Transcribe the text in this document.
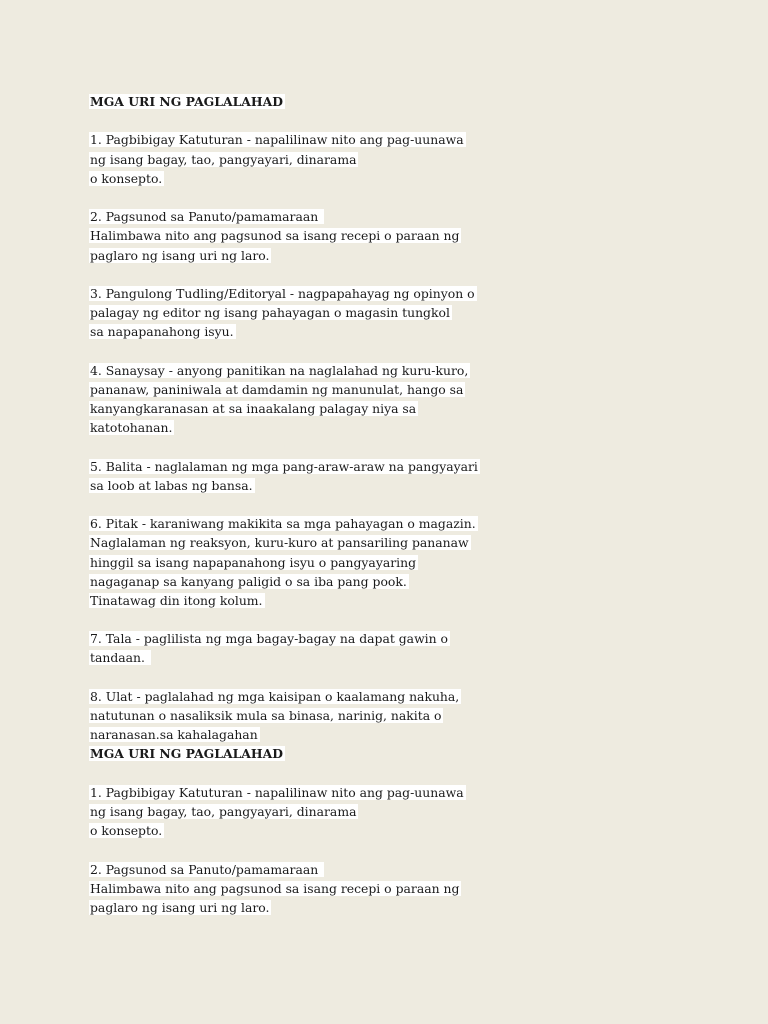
MGA URI NG PAGLALAHAD
1. Pagbibigay Katuturan - napalilinaw nito ang pag-uunawa
ng isang bagay, tao, pangyayari, dinarama
o konsepto.
2. Pagsunod sa Panuto/pamamaraan
Halimbawa nito ang pagsunod sa isang recepi o paraan ng
paglaro ng isang uri ng laro.
3. Pangulong Tudling/Editoryal - nagpapahayag ng opinyon o
palagay ng editor ng isang pahayagan o magasin tungkol
sa napapanahong isyu.
4. Sanaysay - anyong panitikan na naglalahad ng kuru-kuro,
pananaw, paniniwala at damdamin ng manunulat, hango sa
kanyangkaranasan at sa inaakalang palagay niya sa
katotohanan.
5. Balita - naglalaman ng mga pang-araw-araw na pangyayari
sa loob at labas ng bansa.
6. Pitak - karaniwang makikita sa mga pahayagan o magazin.
Naglalaman ng reaksyon, kuru-kuro at pansariling pananaw
hinggil sa isang napapanahong isyu o pangyayaring
nagaganap sa kanyang paligid o sa iba pang pook.
Tinatawag din itong kolum.
7. Tala - paglilista ng mga bagay-bagay na dapat gawin o
tandaan.
8. Ulat - paglalahad ng mga kaisipan o kaalamang nakuha,
natutunan o nasaliksik mula sa binasa, narinig, nakita o
naranasan.sa kahalagahan
MGA URI NG PAGLALAHAD
1. Pagbibigay Katuturan - napalilinaw nito ang pag-uunawa
ng isang bagay, tao, pangyayari, dinarama
o konsepto.
2. Pagsunod sa Panuto/pamamaraan
Halimbawa nito ang pagsunod sa isang recepi o paraan ng
paglaro ng isang uri ng laro.
